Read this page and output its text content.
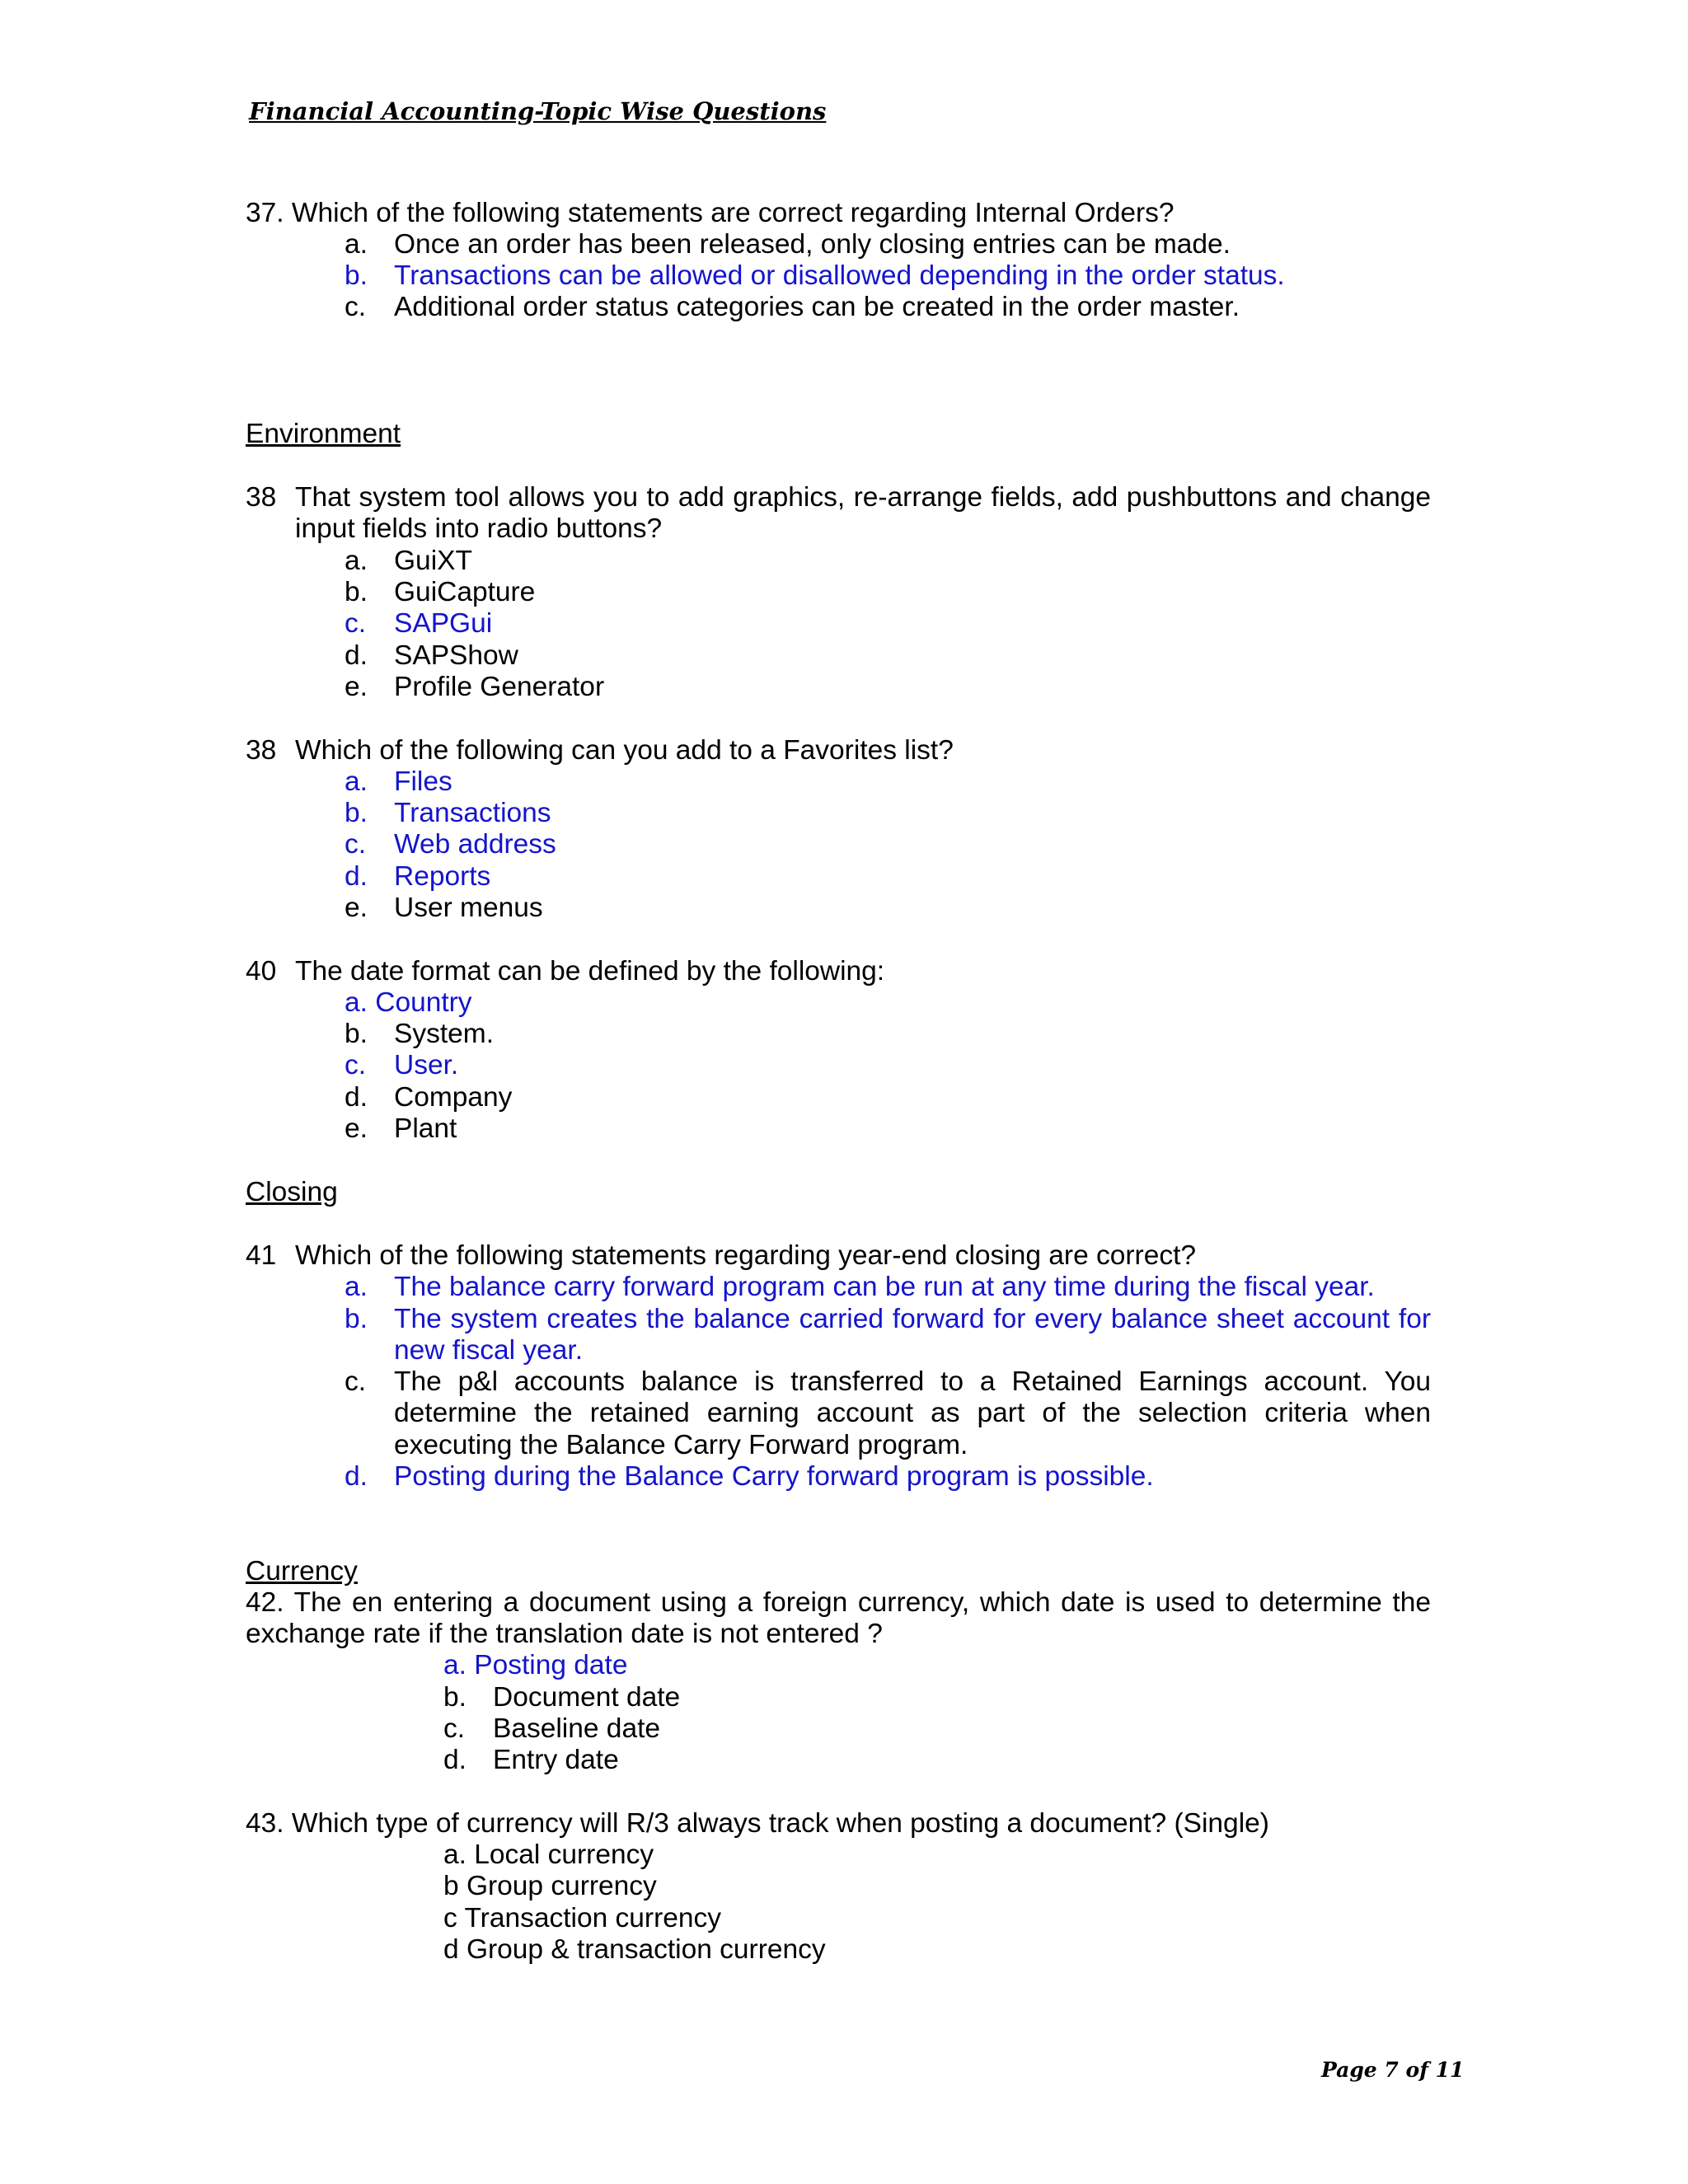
Financial Accounting-Topic Wise Questions
37. Which of the following statements are correct regarding Internal Orders?
a. Once an order has been released, only closing entries can be made.
b. Transactions can be allowed or disallowed depending in the order status.
c. Additional order status categories can be created in the order master.
Environment
38 That system tool allows you to add graphics, re-arrange fields, add pushbuttons and change
input fields into radio buttons?
a. GuiXT
b. GuiCapture
c. SAPGui
d. SAPShow
e. Profile Generator
38 Which of the following can you add to a Favorites list?
a. Files
b. Transactions
c. Web address
d. Reports
e. User menus
40 The date format can be defined by the following:
a. Country
b. System.
c. User.
d. Company
e. Plant
Closing
41 Which of the following statements regarding year-end closing are correct?
a. The balance carry forward program can be run at any time during the fiscal year.
b. The system creates the balance carried forward for every balance sheet account for
new fiscal year.
c. The p&l accounts balance is transferred to a Retained Earnings account. You
determine the retained earning account as part of the selection criteria when
executing the Balance Carry Forward program.
d. Posting during the Balance Carry forward program is possible.
Currency
42. The en entering a document using a foreign currency, which date is used to determine the
exchange rate if the translation date is not entered ?
a. Posting date
b. Document date
c. Baseline date
d. Entry date
43. Which type of currency will R/3 always track when posting a document? (Single)
a. Local currency
b Group currency
c Transaction currency
d Group & transaction currency
Page 7 of 11
